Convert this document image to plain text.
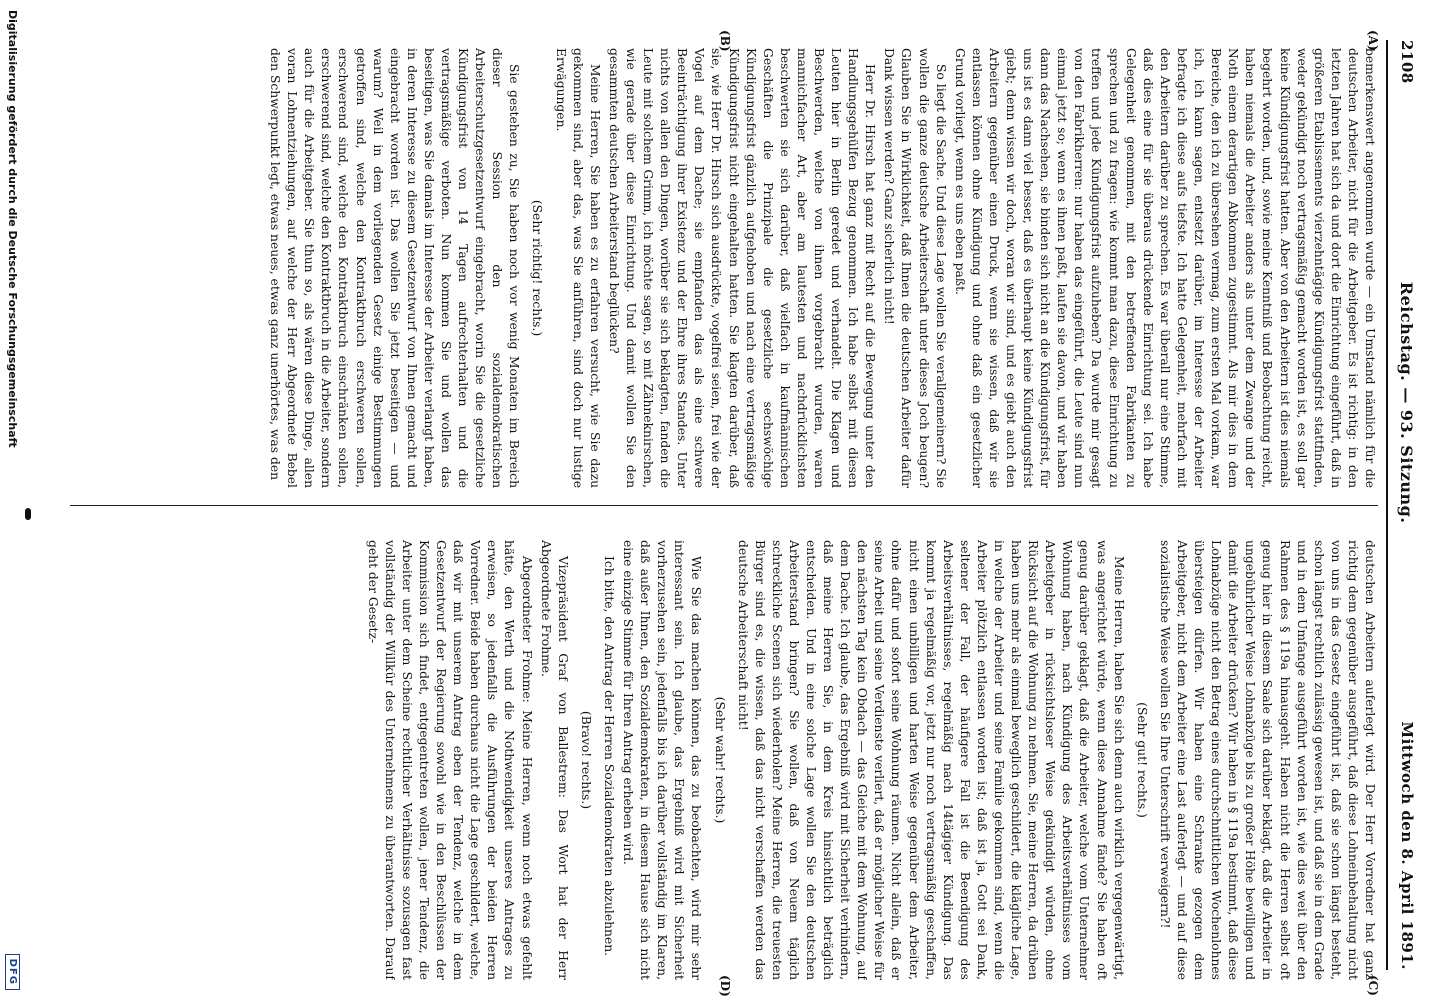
2108
Reichstag. — 93. Sitzung.
Mittwoch den 8. April 1891.
(A)
(B)
(C)
(D)

bemerkenswert angenommen wurde — ein Umstand nämlich für die deutschen Arbeiter, nicht für die Arbeitgeber. Es ist richtig: in den letzten Jahren hat sich da und dort die Einrichtung eingeführt, daß in größeren Etablissements vierzehntägige Kündigungsfrist stattfinden, weder gekündigt noch vertragsmäßig gemacht worden ist, es soll gar keine Kündigungsfrist hatten. Aber von den Arbeitern ist dies niemals begehrt worden, und, sowie meine Kenntniß und Beobachtung reicht, haben niemals die Arbeiter anders als unter dem Zwange und der Noth einem derartigen Abkommen zugestimmt. Als mir dies in dem Bereiche, den ich zu übersehen vermag, zum ersten Mal vorkam, war ich, ich kann sagen, entsetzt darüber, im Interesse der Arbeiter befragte ich diese aufs tiefste. Ich hatte Gelegenheit, mehrfach mit den Arbeitern darüber zu sprechen. Es war überall nur eine Stimme, daß dies eine für sie überaus drückende Einrichtung sei. Ich habe Gelegenheit genommen, mit den betreffenden Fabrikanten zu sprechen und zu fragen: wie kommt man dazu, diese Einrichtung zu treffen und jede Kündigungsfrist aufzuheben? Da wurde mir gesagt von den Fabrikherren: nur haben das eingeführt, die Leute sind nun einmal jetzt so; wenn es ihnen paßt, laufen sie davon, und wir haben dann das Nachsehen, sie binden sich nicht an die Kündigungsfrist, für uns ist es dann viel besser, daß es überhaupt keine Kündigungsfrist giebt; denn wissen wir doch, woran wir sind, und es giebt auch den Arbeitern gegenüber einen Druck, wenn sie wissen, daß wir sie entlassen können ohne Kündigung und ohne daß ein gesetzlicher Grund vorliegt, wenn es uns eben paßt.

So liegt die Sache. Und diese Lage wollen Sie verallgemeinern? Sie wollen die ganze deutsche Arbeiterschaft unter dieses Joch beugen? Glauben Sie in Wirklichkeit, daß Ihnen die deutschen Arbeiter dafür Dank wissen werden? Ganz sicherlich nicht!

Herr Dr. Hirsch hat ganz mit Recht auf die Bewegung unter den Handlungsgehülfen Bezug genommen. Ich habe selbst mit diesen Leuten hier in Berlin geredet und verhandelt. Die Klagen und Beschwerden, welche von ihnen vorgebracht wurden, waren mannichfacher Art, aber am lautesten und nachdrücklichsten beschwerten sie sich darüber, daß vielfach in kaufmännischen Geschäften die Prinzipale die gesetzliche sechswöchige Kündigungsfrist gänzlich aufgehoben und nach eine vertragsmäßige Kündigungsfrist nicht eingehalten hatten. Sie klagten darüber, daß sie, wie Herr Dr. Hirsch sich ausdrückte, vogelfrei seien, frei wie der Vogel auf dem Dache; sie empfanden das als eine schwere Beeinträchtigung ihrer Existenz und der Ehre ihres Standes. Unter nichts von allen den Dingen, worüber sie sich beklagten, fanden die Leute mit solchem Grimm, ich möchte sagen, so mit Zähneknirschen, wie gerade über diese Einrichtung. Und damit wollen Sie den gesammten deutschen Arbeiterstand beglücken?

Meine Herren, Sie haben es zu erfahren versucht, wie Sie dazu gekommen sind, aber das, was Sie anführen, sind doch nur lustige Erwägungen.

(Sehr richtig! rechts.)

Sie gestehen zu, Sie haben noch vor wenig Monaten im Bereich dieser Session den sozialdemokratischen Arbeiterschutzgesetzentwurf eingebracht, worin Sie die gesetzliche Kündigungsfrist von 14 Tagen aufrechterhalten und die vertragsmäßige verboten. Nun kommen Sie und wollen das beseitigen, was Sie damals im Interesse der Arbeiter verlangt haben, in deren Interesse zu diesem Gesetzentwurf von Ihnen gemacht und eingebracht worden ist. Das wollen Sie jetzt beseitigen — und warum? Weil in dem vorliegenden Gesetz einige Bestimmungen getroffen sind, welche den Kontraktbruch erschweren sollen, erschwerend sind, welche den Kontraktbruch einschränken sollen, erschwerend sind, welche den Kontraktbruch in die Arbeiter, sondern auch für die Arbeitgeber. Sie thun so, als wären diese Dinge, allen voran Lohnentziehungen, auf welche der Herr Abgeordnete Bebel den Schwerpunkt legt, etwas neues, etwas ganz unerhörtes, was den

deutschen Arbeitern auferlegt wird. Der Herr Vorredner hat ganz richtig dem gegenüber ausgeführt, daß diese Lohneinbehaltung nicht von uns in das Gesetz eingeführt ist, daß sie schon längst besteht, schon längst rechtlich zulässig gewesen ist, und daß sie in dem Grade und in dem Umfange ausgeführt worden ist, wie dies weit über den Rahmen des § 119a hinausgeht. Haben nicht die Herren selbst oft genug hier in diesem Saale sich darüber beklagt, daß die Arbeiter in ungebührlicher Weise Lohnabzüge bis zu großer Höhe bewilligen und damit die Arbeiter drücken? Wir haben in § 119a bestimmt, daß diese Lohnabzüge nicht den Betrag eines durchschnittlichen Wochenlohnes übersteigen dürfen. Wir haben eine Schranke gezogen dem Arbeitgeber, nicht dem Arbeiter eine Last auferlegt — und auf diese sozialistische Weise wollen Sie Ihre Unterschrift verweigern?!

(Sehr gut! rechts.)

Meine Herren, haben Sie sich denn auch wirklich vergegenwärtigt, was angerichtet würde, wenn diese Annahme fände? Sie haben oft genug darüber geklagt, daß die Arbeiter, welche vom Unternehmer Wohnung haben, nach Kündigung des Arbeitsverhältnisses vom Arbeitgeber in rücksichtsloser Weise gekündigt würden, ohne Rücksicht auf die Wohnung zu nehmen. Sie, meine Herren, da drüben haben uns mehr als einmal beweglich geschildert, die klägliche Lage, in welche der Arbeiter und seine Familie gekommen sind, wenn die Arbeiter plötzlich entlassen worden ist; daß ist ja, Gott sei Dank, seltener der Fall, der häufigere Fall ist die Beendigung des Arbeitsverhältnisses, regelmäßig nach 14tägiger Kündigung. Das kommt ja regelmäßig vor, jetzt nur noch vertragsmäßig geschaffen, nicht einen unbilligen und harten Weise gegenüber dem Arbeiter, ohne dafür und sofort seine Wohnung räumen. Nicht allein, daß er seine Arbeit und seine Verdienste verliert, daß er möglicher Weise für den nächsten Tag kein Obdach — das Gleiche mit dem Wohnung, auf dem Dache. Ich glaube, das Ergebniß wird mit Sicherheit verhindern, daß meine Herren Sie, in dem Kreis hinsichtlich beträglich entscheiden. Und in eine solche Lage wollen Sie den deutschen Arbeiterstand bringen? Sie wollen, daß von Neuem täglich schreckliche Scenen sich wiederholen? Meine Herren, die treuesten Bürger sind es, die wissen, daß das nicht verschaffen werden das deutsche Arbeiterschaft nicht!

(Sehr wahr! rechts.)

Wie Sie das machen können, das zu beobachten, wird mir sehr interessant sein. Ich glaube, das Ergebniß wird mit Sicherheit vorherzusehen sein, jedenfalls bis ich darüber vollständig im Klaren, daß außer Ihnen, den Sozialdemokraten, in diesem Hause sich nicht eine einzige Stimme für Ihren Antrag erheben wird.

Ich bitte, den Antrag der Herren Sozialdemokraten abzulehnen.

(Bravo! rechts.)

Vizepräsident Graf von Ballestrem: Das Wort hat der Herr Abgeordnete Frohme.

Abgeordneter Frohme: Meine Herren, wenn noch etwas gefehlt hätte, den Werth und die Nothwendigkeit unseres Antrages zu erweisen, so jedenfalls die Ausführungen der beiden Herren Vorredner. Beide haben durchaus nicht die Lage geschildert, welche, daß wir mit unserem Antrag eben der Tendenz, welche in dem Gesetzentwurf der Regierung sowohl wie in den Beschlüssen der Kommission sich findet, entgegentreten wollen, jener Tendenz, die Arbeiter unter dem Scheine rechtlicher Verhältnisse sozusagen fast vollständig der Willkür des Unternehmens zu überantworten. Darauf geht der Gesetz-

Digitalisierung gefördert durch die Deutsche Forschungsgemeinschaft
DFG
